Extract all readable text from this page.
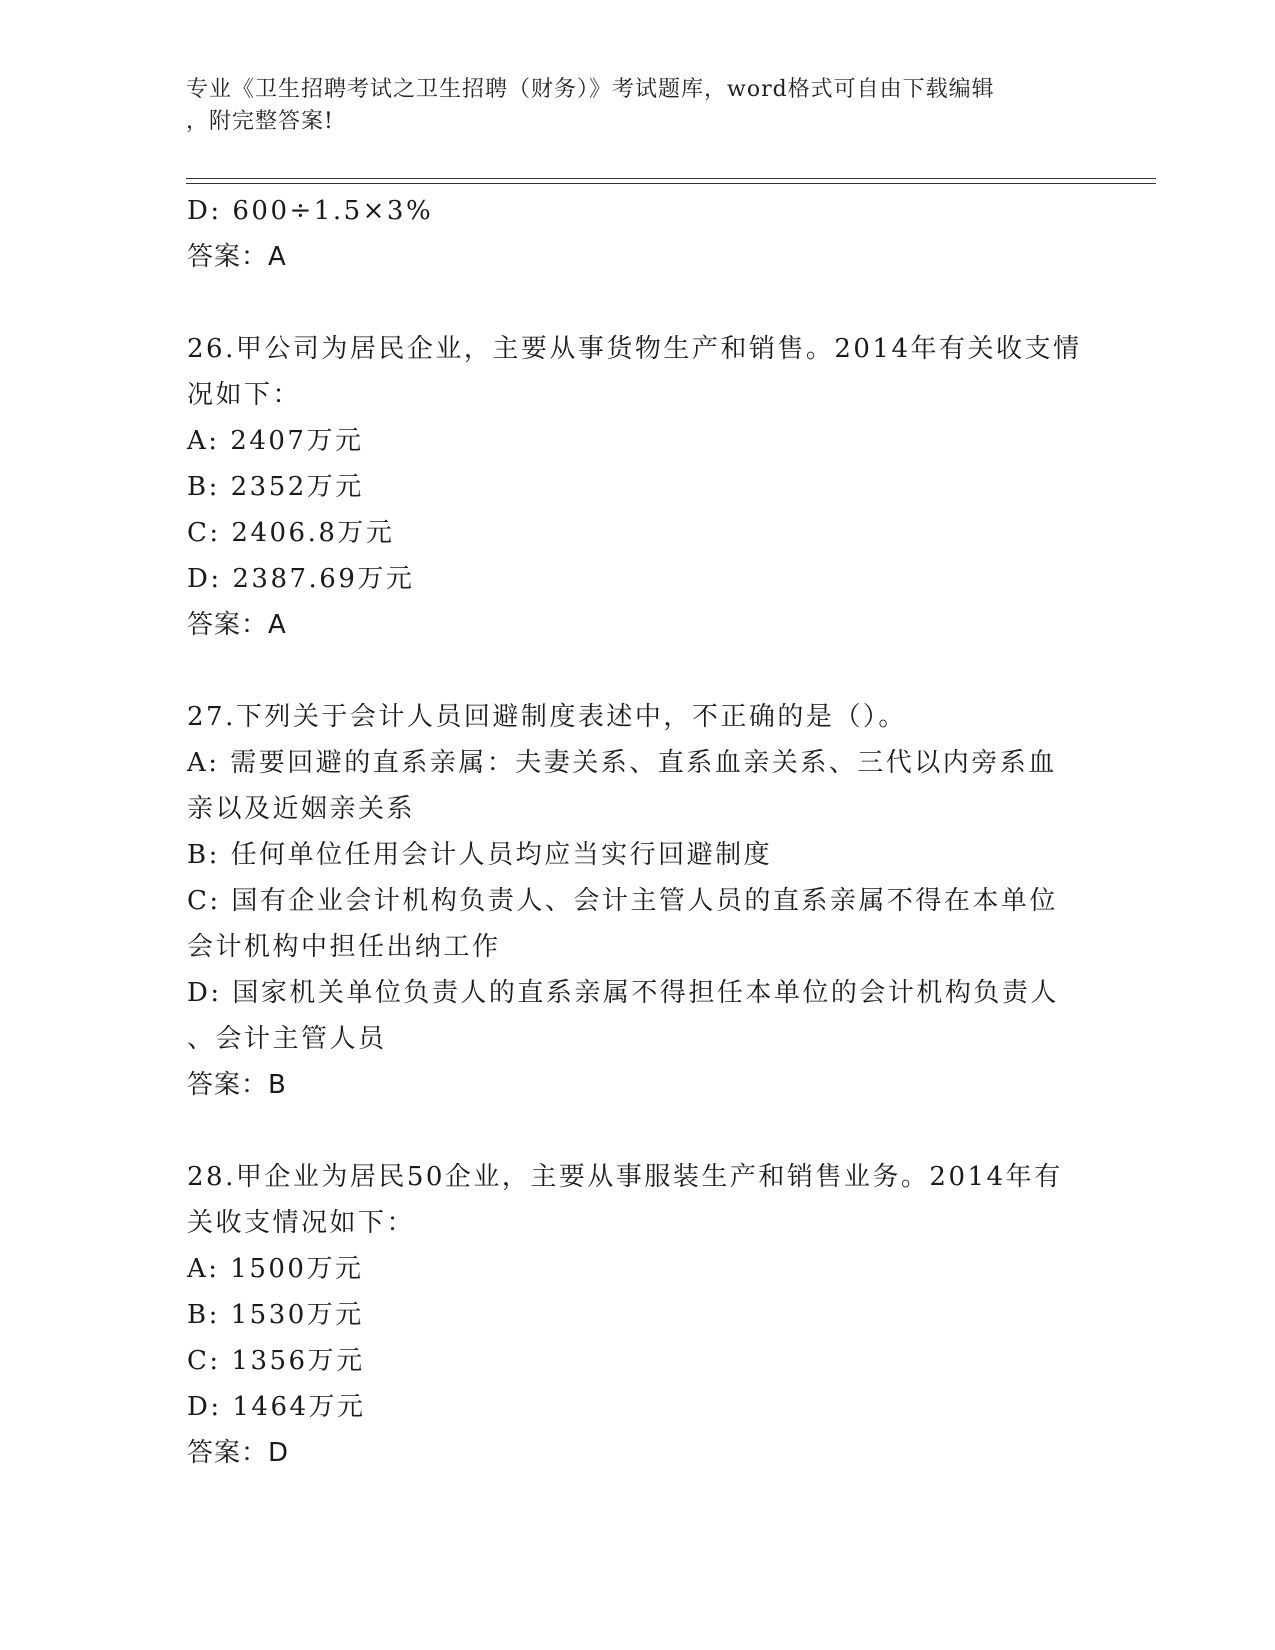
专业《卫生招聘考试之卫生招聘（财务）》考试题库，word格式可自由下载编辑
，附完整答案!
D: 600÷1.5×3%
答案：A
26.甲公司为居民企业，主要从事货物生产和销售。2014年有关收支情
况如下：
A: 2407万元
B: 2352万元
C: 2406.8万元
D: 2387.69万元
答案：A
27.下列关于会计人员回避制度表述中，不正确的是（）。
A: 需要回避的直系亲属：夫妻关系、直系血亲关系、三代以内旁系血
亲以及近姻亲关系
B: 任何单位任用会计人员均应当实行回避制度
C: 国有企业会计机构负责人、会计主管人员的直系亲属不得在本单位
会计机构中担任出纳工作
D: 国家机关单位负责人的直系亲属不得担任本单位的会计机构负责人
、会计主管人员
答案：B
28.甲企业为居民50企业，主要从事服装生产和销售业务。2014年有
关收支情况如下：
A: 1500万元
B: 1530万元
C: 1356万元
D: 1464万元
答案：D
